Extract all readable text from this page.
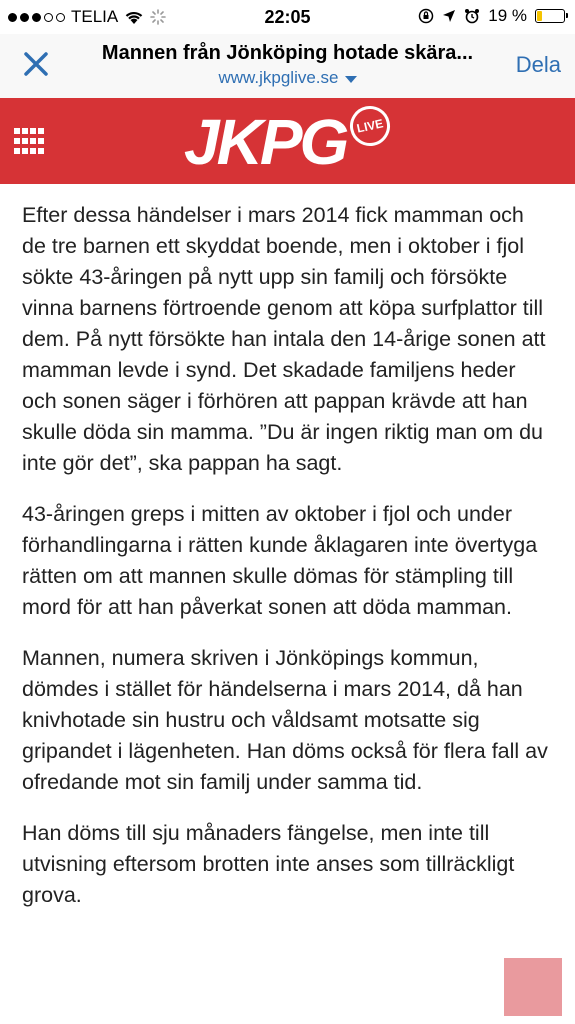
TELIA	22:05	19 %
Mannen från Jönköping hotade skära...
www.jkpglive.se
Dela
JKPG LIVE

Efter dessa händelser i mars 2014 fick mamman och de tre barnen ett skyddat boende, men i oktober i fjol sökte 43-åringen på nytt upp sin familj och försökte vinna barnens förtroende genom att köpa surfplattor till dem. På nytt försökte han intala den 14-årige sonen att mamman levde i synd. Det skadade familjens heder och sonen säger i förhören att pappan krävde att han skulle döda sin mamma. ”Du är ingen riktig man om du inte gör det”, ska pappan ha sagt.

43-åringen greps i mitten av oktober i fjol och under förhandlingarna i rätten kunde åklagaren inte övertyga rätten om att mannen skulle dömas för stämpling till mord för att han påverkat sonen att döda mamman.

Mannen, numera skriven i Jönköpings kommun, dömdes i stället för händelserna i mars 2014, då han knivhotade sin hustru och våldsamt motsatte sig gripandet i lägenheten. Han döms också för flera fall av ofredande mot sin familj under samma tid.

Han döms till sju månaders fängelse, men inte till utvisning eftersom brotten inte anses som tillräckligt grova.
